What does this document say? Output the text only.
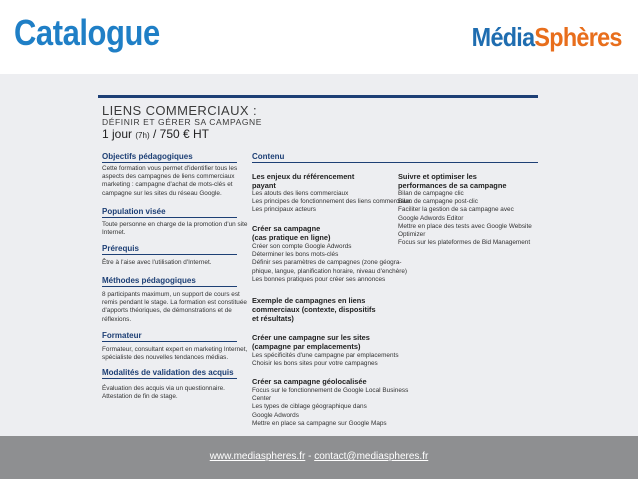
Catalogue	MédiaSphères
LIENS COMMERCIAUX :
DÉFINIR ET GÉRER SA CAMPAGNE
1 jour (7h) / 750 € HT
Objectifs pédagogiques
Cette formation vous permet d'identifier tous les
aspects des campagnes de liens commerciaux
marketing : campagne d'achat de mots-clés et
campagne sur les sites du réseau Google.
Population visée
Toute personne en charge de la promotion d'un site
Internet.
Prérequis
Être à l'aise avec l'utilisation d'Internet.
Méthodes pédagogiques
8 participants maximum, un support de cours est
remis pendant le stage. La formation est constituée
d'apports théoriques, de démonstrations et de
réflexions.
Formateur
Formateur, consultant expert en marketing Internet,
spécialiste des nouvelles tendances médias.
Modalités de validation des acquis
Évaluation des acquis via un questionnaire.
Attestation de fin de stage.
Contenu
Les enjeux du référencement
payant
Les atouts des liens commerciaux
Les principes de fonctionnement des liens commerciaux
Les principaux acteurs
Créer sa campagne
(cas pratique en ligne)
Créer son compte Google Adwords
Déterminer les bons mots-clés
Définir ses paramètres de campagnes (zone géogra-
phique, langue, planification horaire, niveau d'enchère)
Les bonnes pratiques pour créer ses annonces
Exemple de campagnes en liens
commerciaux (contexte, dispositifs
et résultats)
Créer une campagne sur les sites
(campagne par emplacements)
Les spécificités d'une campagne par emplacements
Choisir les bons sites pour votre campagnes
Créer sa campagne géolocalisée
Focus sur le fonctionnement de Google Local Business
Center
Les types de ciblage géographique dans
Google Adwords
Mettre en place sa campagne sur Google Maps
Suivre et optimiser les
performances de sa campagne
Bilan de campagne clic
Bilan de campagne post-clic
Faciliter la gestion de sa campagne avec
Google Adwords Editor
Mettre en place des tests avec Google Website
Optimizer
Focus sur les plateformes de Bid Management
www.mediaspheres.fr - contact@mediaspheres.fr
